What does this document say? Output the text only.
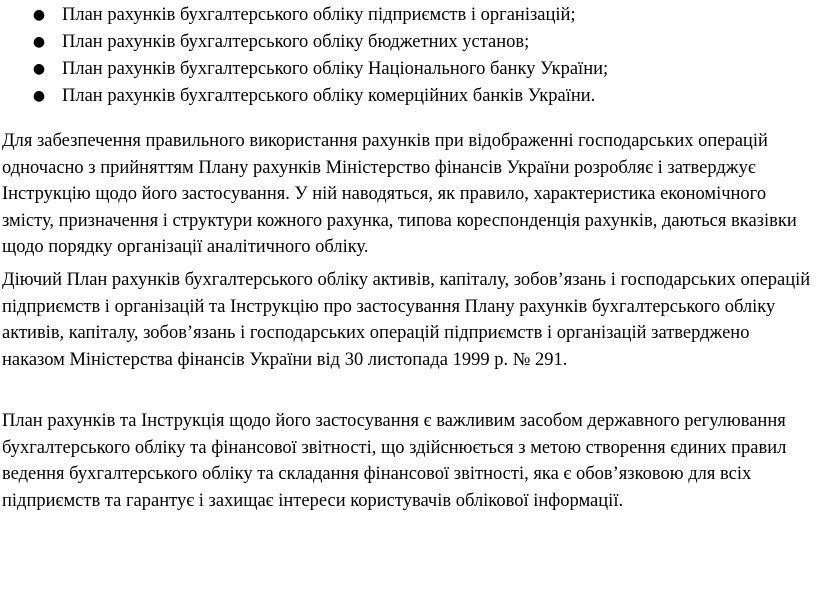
● План рахунків бухгалтерського обліку підприємств і організацій;
● План рахунків бухгалтерського обліку бюджетних установ;
● План рахунків бухгалтерського обліку Національного банку України;
● План рахунків бухгалтерського обліку комерційних банків України.

Для забезпечення правильного використання рахунків при відображенні господарських операцій одночасно з прийняттям Плану рахунків Міністерство фінансів України розробляє і затверджує Інструкцію щодо його застосування. У ній наводяться, як правило, характеристика економічного змісту, призначення і структури кожного рахунка, типова кореспонденція рахунків, даються вказівки щодо порядку організації аналітичного обліку.

Діючий План рахунків бухгалтерського обліку активів, капіталу, зобов’язань і господарських операцій підприємств і організацій та Інструкцію про застосування Плану рахунків бухгалтерського обліку активів, капіталу, зобов’язань і господарських операцій підприємств і організацій затверджено наказом Міністерства фінансів України від 30 листопада 1999 р. № 291.

План рахунків та Інструкція щодо його застосування є важливим засобом державного регулювання бухгалтерського обліку та фінансової звітності, що здійснюється з метою створення єдиних правил ведення бухгалтерського обліку та складання фінансової звітності, яка є обов’язковою для всіх підприємств та гарантує і захищає інтереси користувачів облікової інформації.
